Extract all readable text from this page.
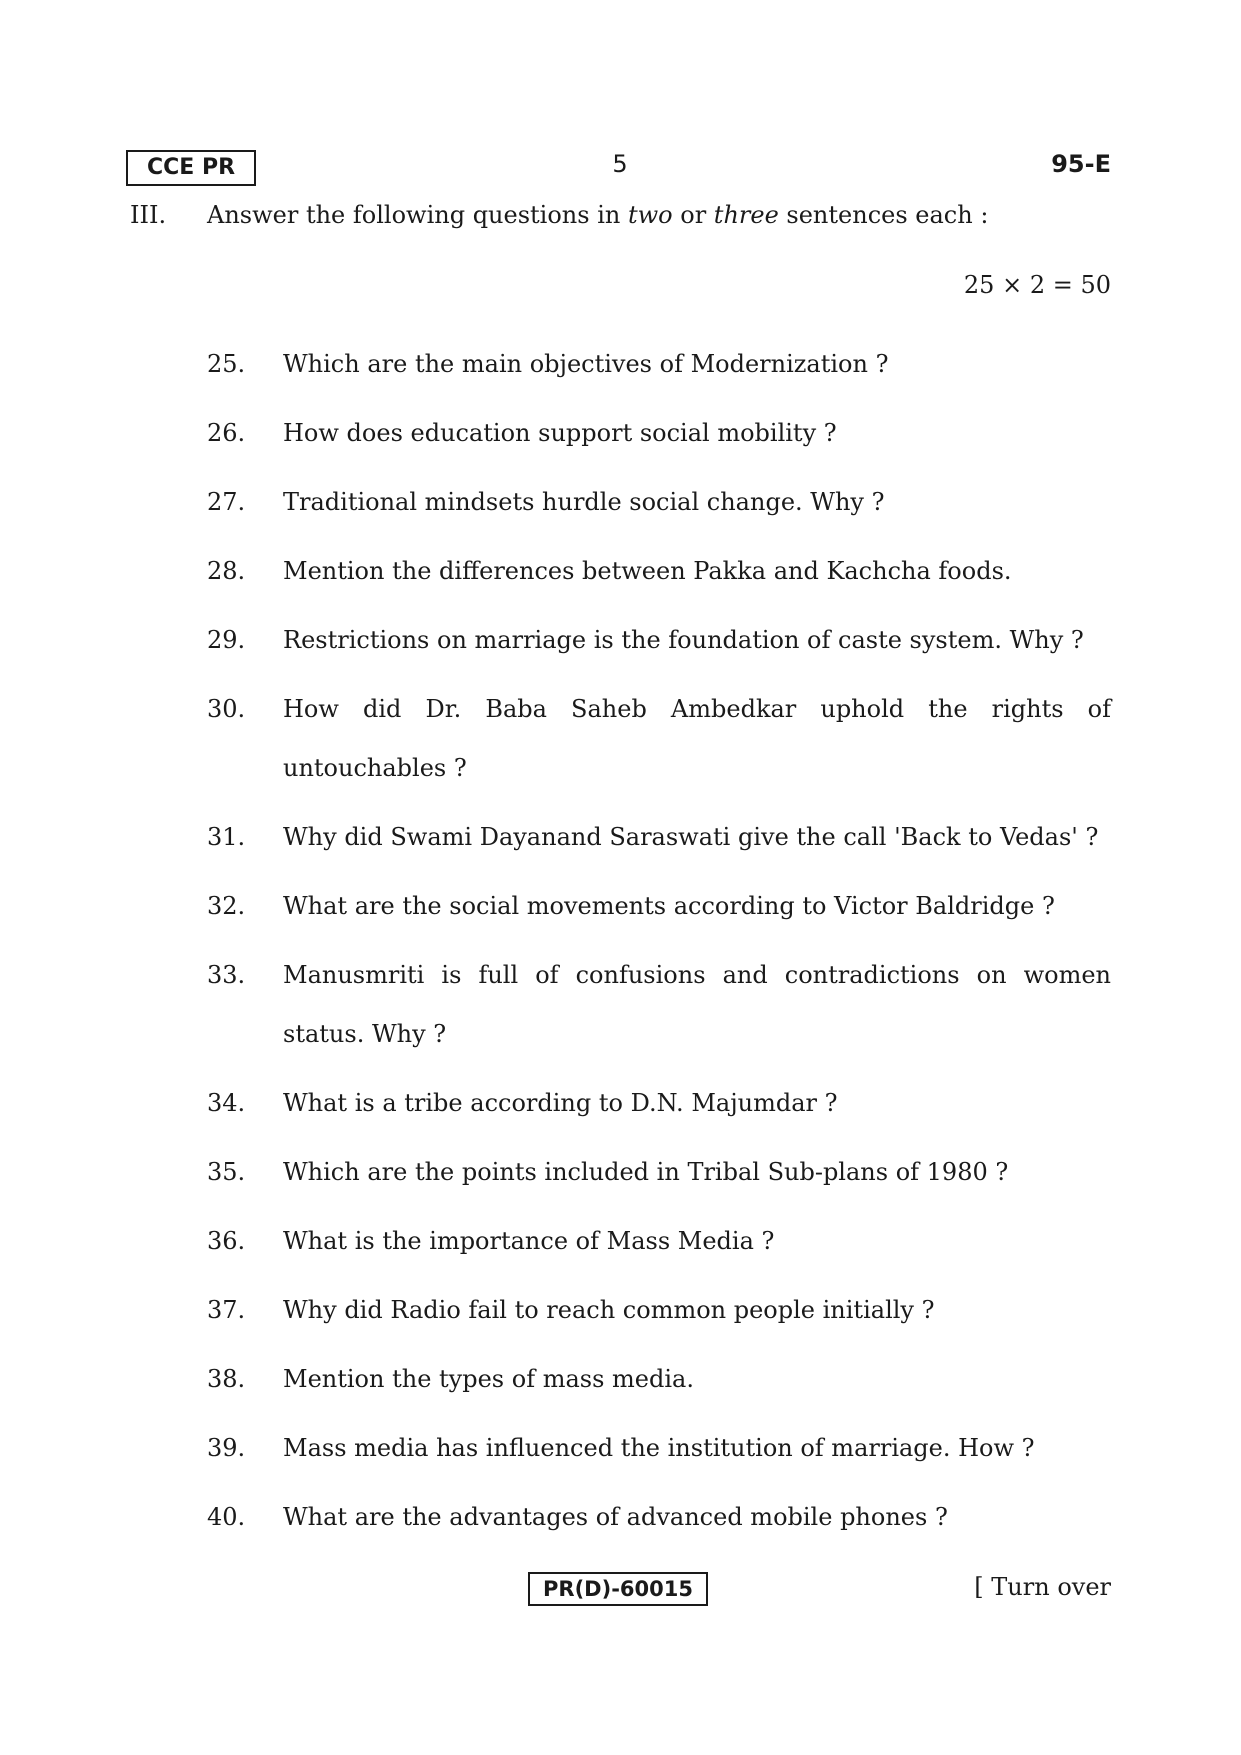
CCE PR	5	95-E
III. Answer the following questions in two or three sentences each :
25 × 2 = 50
25.	Which are the main objectives of Modernization ?
26.	How does education support social mobility ?
27.	Traditional mindsets hurdle social change. Why ?
28.	Mention the differences between Pakka and Kachcha foods.
29.	Restrictions on marriage is the foundation of caste system. Why ?
30.	How did Dr. Baba Saheb Ambedkar uphold the rights of untouchables ?
31.	Why did Swami Dayanand Saraswati give the call 'Back to Vedas' ?
32.	What are the social movements according to Victor Baldridge ?
33.	Manusmriti is full of confusions and contradictions on women status. Why ?
34.	What is a tribe according to D.N. Majumdar ?
35.	Which are the points included in Tribal Sub-plans of 1980 ?
36.	What is the importance of Mass Media ?
37.	Why did Radio fail to reach common people initially ?
38.	Mention the types of mass media.
39.	Mass media has influenced the institution of marriage. How ?
40.	What are the advantages of advanced mobile phones ?
PR(D)-60015	[ Turn over
